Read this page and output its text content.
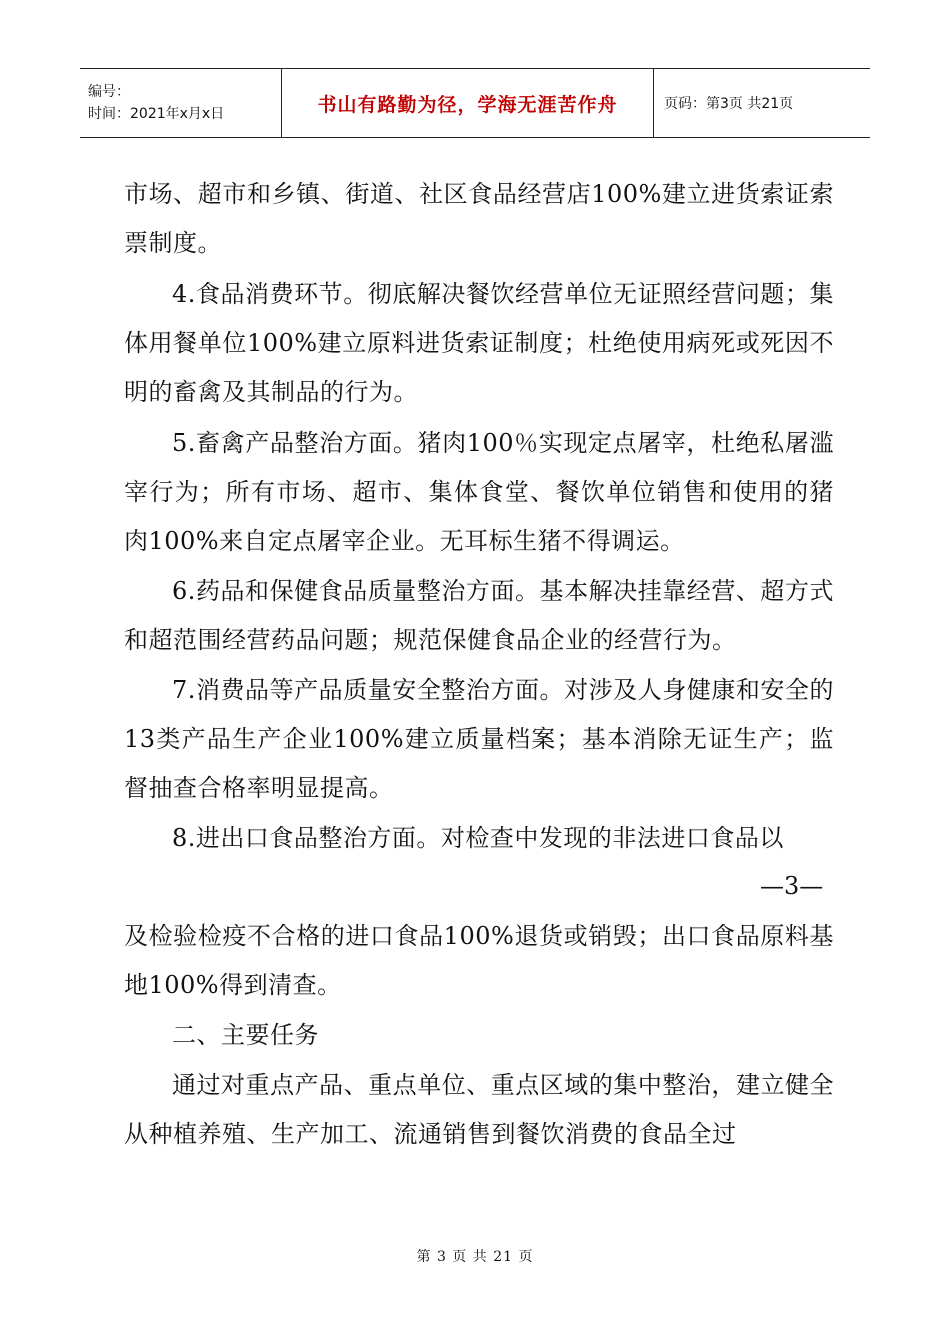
编号：
时间：2021年x月x日	书山有路勤为径，学海无涯苦作舟	页码：第3页 共21页
市场、超市和乡镇、街道、社区食品经营店100%建立进货索证索票制度。
4.食品消费环节。彻底解决餐饮经营单位无证照经营问题；集体用餐单位100%建立原料进货索证制度；杜绝使用病死或死因不明的畜禽及其制品的行为。
5.畜禽产品整治方面。猪肉100％实现定点屠宰，杜绝私屠滥宰行为；所有市场、超市、集体食堂、餐饮单位销售和使用的猪肉100%来自定点屠宰企业。无耳标生猪不得调运。
6.药品和保健食品质量整治方面。基本解决挂靠经营、超方式和超范围经营药品问题；规范保健食品企业的经营行为。
7.消费品等产品质量安全整治方面。对涉及人身健康和安全的13类产品生产企业100%建立质量档案；基本消除无证生产；监督抽查合格率明显提高。
8.进出口食品整治方面。对检查中发现的非法进口食品以
—3—
及检验检疫不合格的进口食品100%退货或销毁；出口食品原料基地100%得到清查。
二、主要任务
通过对重点产品、重点单位、重点区域的集中整治，建立健全从种植养殖、生产加工、流通销售到餐饮消费的食品全过
第 3 页 共 21 页
